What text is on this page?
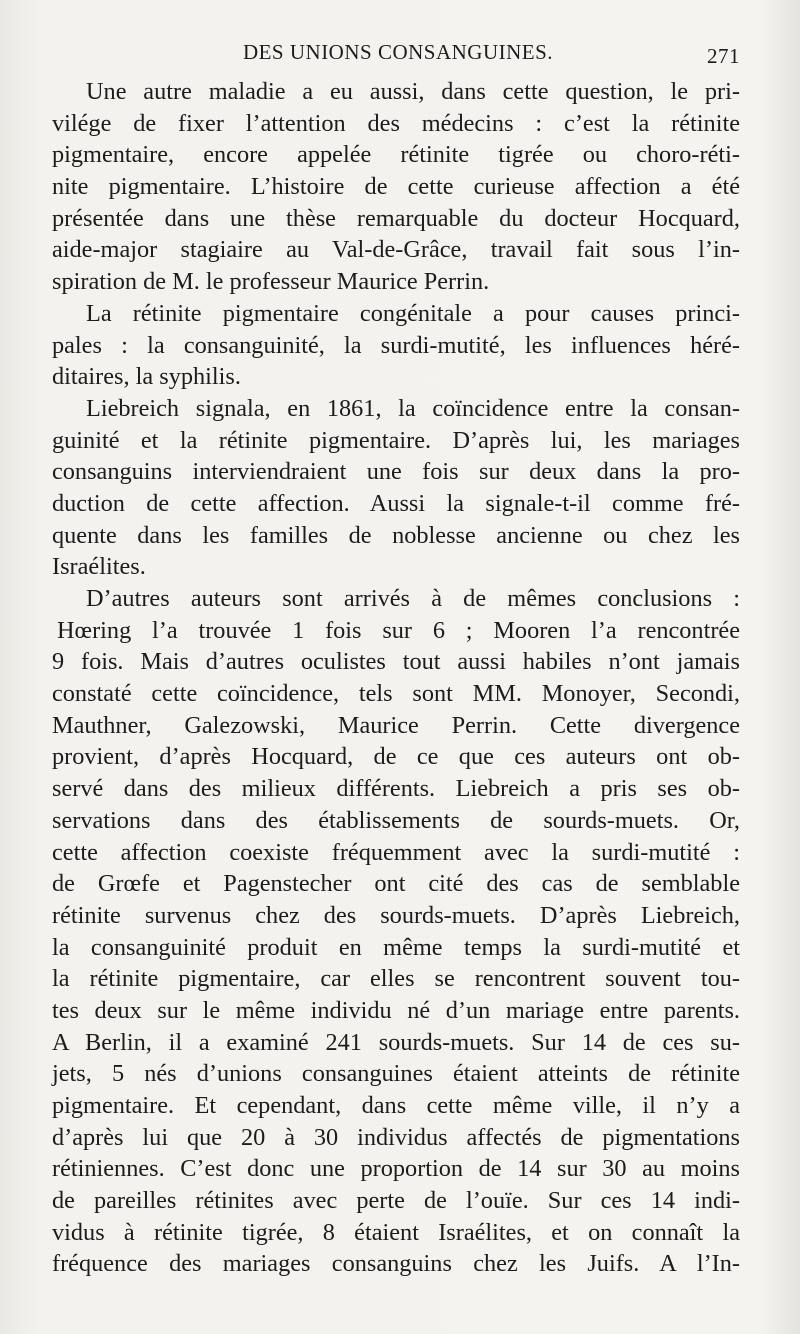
DES UNIONS CONSANGUINES.	271
Une autre maladie a eu aussi, dans cette question, le pri-
vilége de fixer l’attention des médecins : c’est la rétinite
pigmentaire, encore appelée rétinite tigrée ou choro-réti-
nite pigmentaire. L’histoire de cette curieuse affection a été
présentée dans une thèse remarquable du docteur Hocquard,
aide-major stagiaire au Val-de-Grâce, travail fait sous l’in-
spiration de M. le professeur Maurice Perrin.
La rétinite pigmentaire congénitale a pour causes princi-
pales : la consanguinité, la surdi-mutité, les influences héré-
ditaires, la syphilis.
Liebreich signala, en 1861, la coïncidence entre la consan-
guinité et la rétinite pigmentaire. D’après lui, les mariages
consanguins interviendraient une fois sur deux dans la pro-
duction de cette affection. Aussi la signale-t-il comme fré-
quente dans les familles de noblesse ancienne ou chez les
Israélites.
D’autres auteurs sont arrivés à de mêmes conclusions :
Hœring l’a trouvée 1 fois sur 6 ; Mooren l’a rencontrée
9 fois. Mais d’autres oculistes tout aussi habiles n’ont jamais
constaté cette coïncidence, tels sont MM. Monoyer, Secondi,
Mauthner, Galezowski, Maurice Perrin. Cette divergence
provient, d’après Hocquard, de ce que ces auteurs ont ob-
servé dans des milieux différents. Liebreich a pris ses ob-
servations dans des établissements de sourds-muets. Or,
cette affection coexiste fréquemment avec la surdi-mutité :
de Grœfe et Pagenstecher ont cité des cas de semblable
rétinite survenus chez des sourds-muets. D’après Liebreich,
la consanguinité produit en même temps la surdi-mutité et
la rétinite pigmentaire, car elles se rencontrent souvent tou-
tes deux sur le même individu né d’un mariage entre parents.
A Berlin, il a examiné 241 sourds-muets. Sur 14 de ces su-
jets, 5 nés d’unions consanguines étaient atteints de rétinite
pigmentaire. Et cependant, dans cette même ville, il n’y a
d’après lui que 20 à 30 individus affectés de pigmentations
rétiniennes. C’est donc une proportion de 14 sur 30 au moins
de pareilles rétinites avec perte de l’ouïe. Sur ces 14 indi-
vidus à rétinite tigrée, 8 étaient Israélites, et on connaît la
fréquence des mariages consanguins chez les Juifs. A l’In-
